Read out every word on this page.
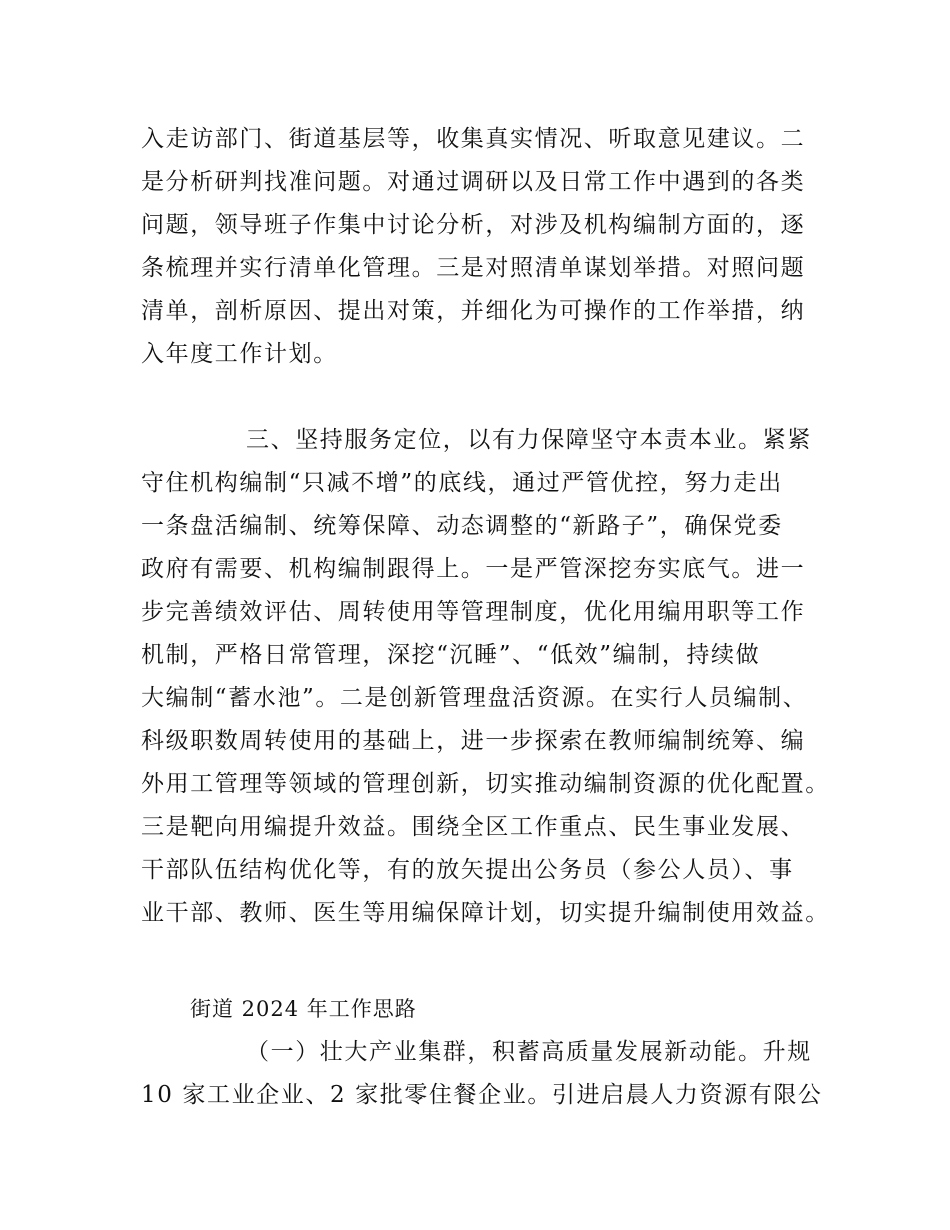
入走访部门、街道基层等，收集真实情况、听取意见建议。二
是分析研判找准问题。对通过调研以及日常工作中遇到的各类
问题，领导班子作集中讨论分析，对涉及机构编制方面的，逐
条梳理并实行清单化管理。三是对照清单谋划举措。对照问题
清单，剖析原因、提出对策，并细化为可操作的工作举措，纳
入年度工作计划。
三、坚持服务定位，以有力保障坚守本责本业。紧紧
守住机构编制“只减不增”的底线，通过严管优控，努力走出
一条盘活编制、统筹保障、动态调整的“新路子”，确保党委
政府有需要、机构编制跟得上。一是严管深挖夯实底气。进一
步完善绩效评估、周转使用等管理制度，优化用编用职等工作
机制，严格日常管理，深挖“沉睡”、“低效”编制，持续做
大编制“蓄水池”。二是创新管理盘活资源。在实行人员编制、
科级职数周转使用的基础上，进一步探索在教师编制统筹、编
外用工管理等领域的管理创新，切实推动编制资源的优化配置。
三是靶向用编提升效益。围绕全区工作重点、民生事业发展、
干部队伍结构优化等，有的放矢提出公务员（参公人员）、事
业干部、教师、医生等用编保障计划，切实提升编制使用效益。
街道 2024 年工作思路
（一）壮大产业集群，积蓄高质量发展新动能。升规
10 家工业企业、2 家批零住餐企业。引进启晨人力资源有限公
